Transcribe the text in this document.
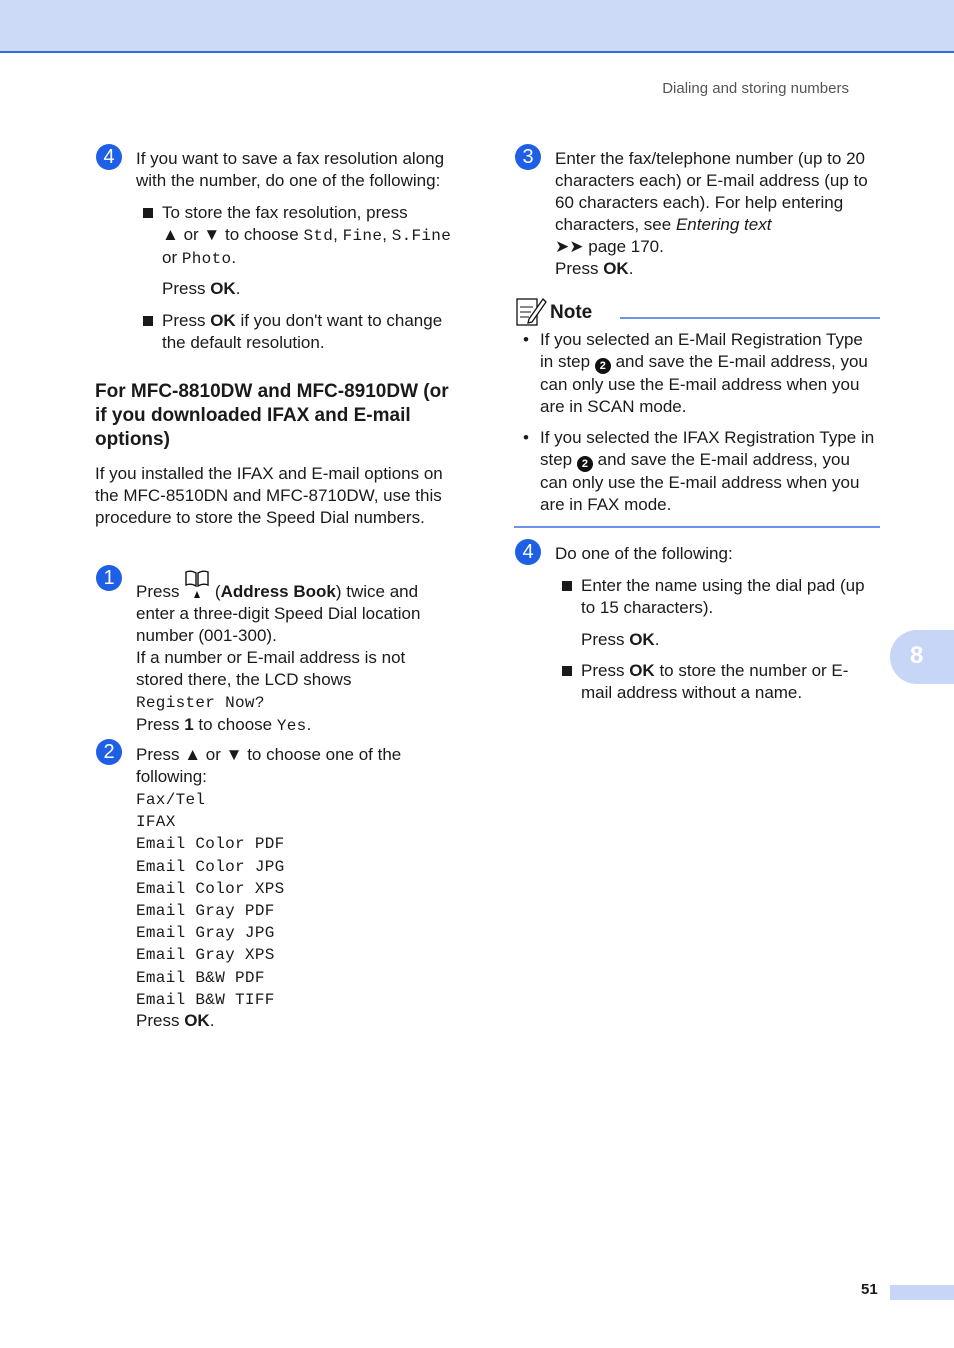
Dialing and storing numbers
4	If you want to save a fax resolution along with the number, do one of the following:
To store the fax resolution, press
▲ or ▼ to choose Std, Fine, S.Fine
or Photo.
Press OK.
Press OK if you don't want to change the default resolution.
For MFC-8810DW and MFC-8910DW (or if you downloaded IFAX and E-mail options)
If you installed the IFAX and E-mail options on the MFC-8510DN and MFC-8710DW, use this procedure to store the Speed Dial numbers.
1
Press  (Address Book) twice and enter a three-digit Speed Dial location number (001-300).
If a number or E-mail address is not stored there, the LCD shows
Register Now?
Press 1 to choose Yes.
2	Press ▲ or ▼ to choose one of the following:
Fax/Tel
IFAX
Email Color PDF
Email Color JPG
Email Color XPS
Email Gray PDF
Email Gray JPG
Email Gray XPS
Email B&W PDF
Email B&W TIFF
Press OK.
3	Enter the fax/telephone number (up to 20 characters each) or E-mail address (up to 60 characters each). For help entering characters, see Entering text
➤➤ page 170.
Press OK.
Note
• If you selected an E-Mail Registration Type in step 2 and save the E-mail address, you can only use the E-mail address when you are in SCAN mode.
• If you selected the IFAX Registration Type in step 2 and save the E-mail address, you can only use the E-mail address when you are in FAX mode.
4	Do one of the following:
Enter the name using the dial pad (up to 15 characters).
Press OK.
Press OK to store the number or E-mail address without a name.
8
51
